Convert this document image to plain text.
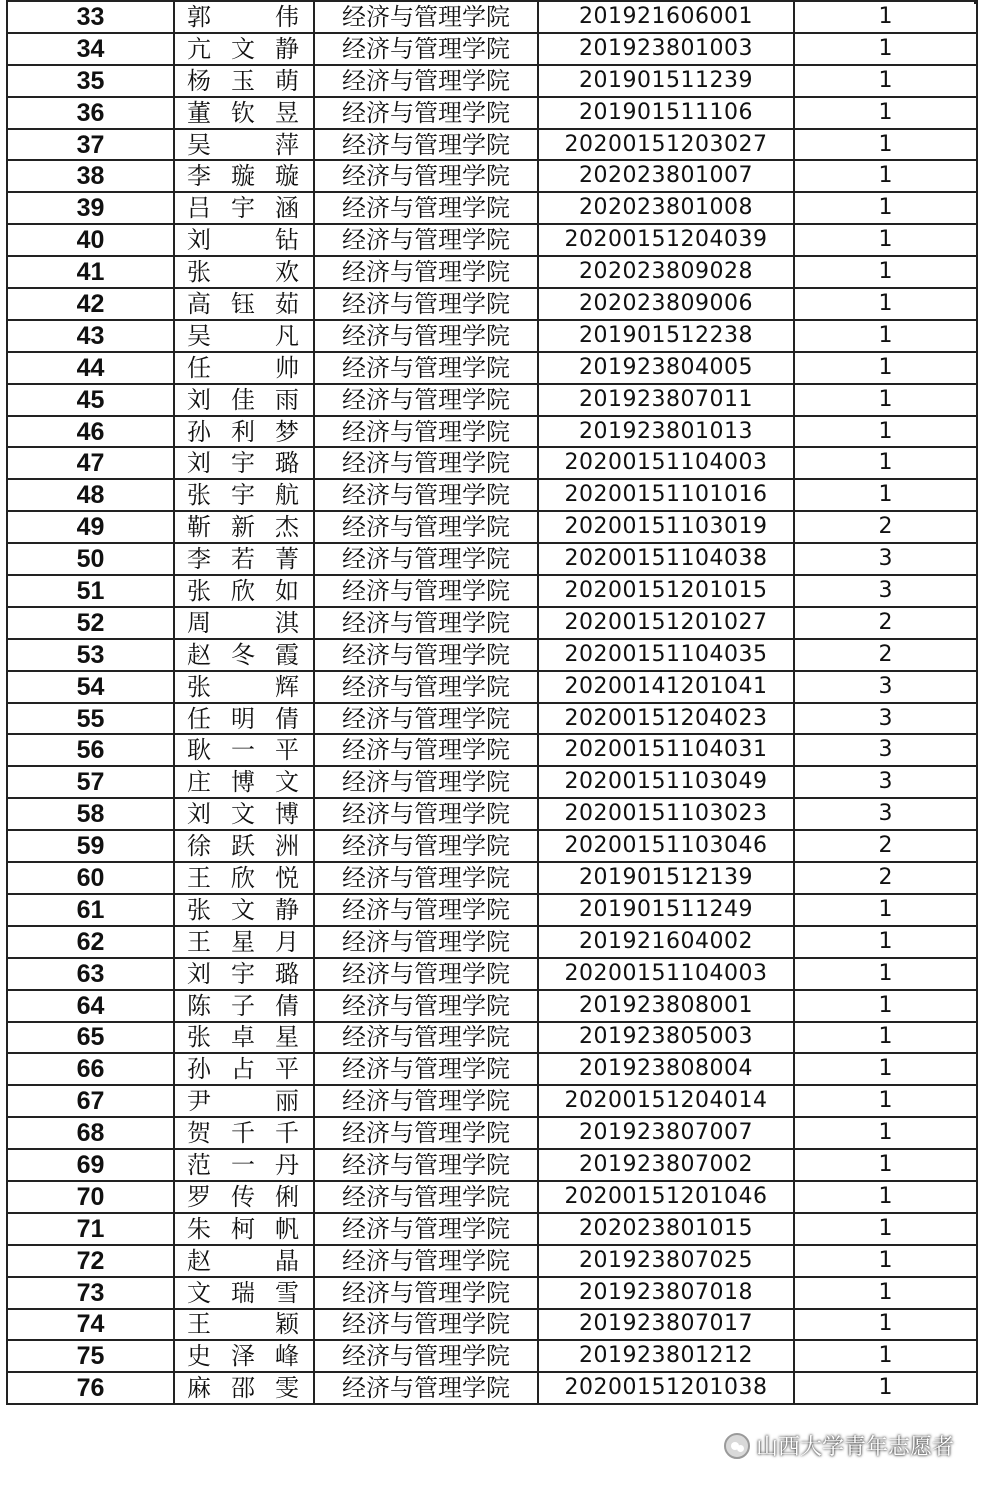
33	郭　伟	经济与管理学院	201921606001	1
34	亢文静	经济与管理学院	201923801003	1
35	杨玉萌	经济与管理学院	201901511239	1
36	董钦昱	经济与管理学院	201901511106	1
37	吴　萍	经济与管理学院	20200151203027	1
38	李璇璇	经济与管理学院	202023801007	1
39	吕宇涵	经济与管理学院	202023801008	1
40	刘　钻	经济与管理学院	20200151204039	1
41	张　欢	经济与管理学院	202023809028	1
42	高钰茹	经济与管理学院	202023809006	1
43	吴　凡	经济与管理学院	201901512238	1
44	任　帅	经济与管理学院	201923804005	1
45	刘佳雨	经济与管理学院	201923807011	1
46	孙利梦	经济与管理学院	201923801013	1
47	刘宇璐	经济与管理学院	20200151104003	1
48	张宇航	经济与管理学院	20200151101016	1
49	靳新杰	经济与管理学院	20200151103019	2
50	李若菁	经济与管理学院	20200151104038	3
51	张欣如	经济与管理学院	20200151201015	3
52	周　淇	经济与管理学院	20200151201027	2
53	赵冬霞	经济与管理学院	20200151104035	2
54	张　辉	经济与管理学院	20200141201041	3
55	任明倩	经济与管理学院	20200151204023	3
56	耿一平	经济与管理学院	20200151104031	3
57	庄博文	经济与管理学院	20200151103049	3
58	刘文博	经济与管理学院	20200151103023	3
59	徐跃洲	经济与管理学院	20200151103046	2
60	王欣悦	经济与管理学院	201901512139	2
61	张文静	经济与管理学院	201901511249	1
62	王星月	经济与管理学院	201921604002	1
63	刘宇璐	经济与管理学院	20200151104003	1
64	陈子倩	经济与管理学院	201923808001	1
65	张卓星	经济与管理学院	201923805003	1
66	孙占平	经济与管理学院	201923808004	1
67	尹　丽	经济与管理学院	20200151204014	1
68	贺千千	经济与管理学院	201923807007	1
69	范一丹	经济与管理学院	201923807002	1
70	罗传俐	经济与管理学院	20200151201046	1
71	朱柯帆	经济与管理学院	202023801015	1
72	赵　晶	经济与管理学院	201923807025	1
73	文瑞雪	经济与管理学院	201923807018	1
74	王　颖	经济与管理学院	201923807017	1
75	史泽峰	经济与管理学院	201923801212	1
76	麻邵雯	经济与管理学院	20200151201038	1
山西大学青年志愿者
